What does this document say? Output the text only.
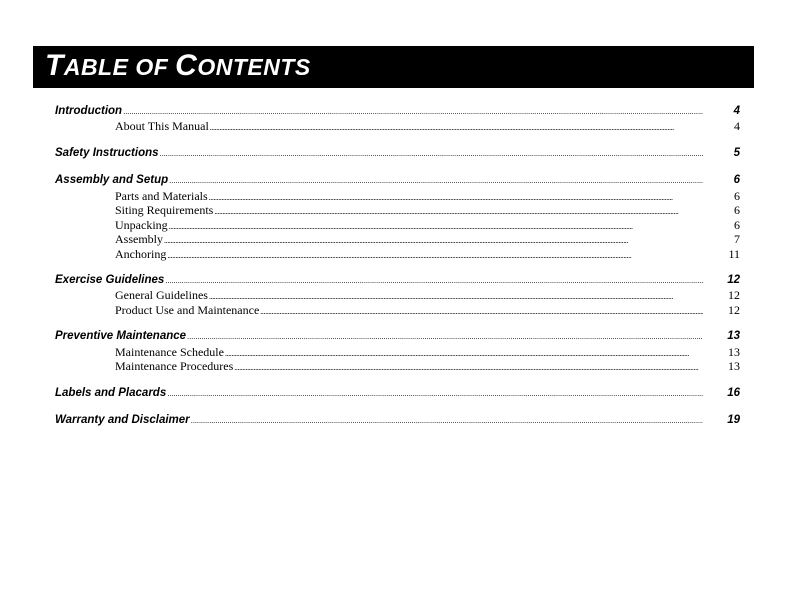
TABLE OF CONTENTS
Introduction . . .	4
About This Manual . . .	4
Safety Instructions . . .	5
Assembly and Setup . . .	6
Parts and Materials . . .	6
Siting Requirements . . .	6
Unpacking . . .	6
Assembly . . .	7
Anchoring . . .	11
Exercise Guidelines . . .	12
General Guidelines . . .	12
Product Use and Maintenance . . .	12
Preventive Maintenance . . .	13
Maintenance Schedule . . .	13
Maintenance Procedures . . .	13
Labels and Placards . . .	16
Warranty and Disclaimer . . .	19
